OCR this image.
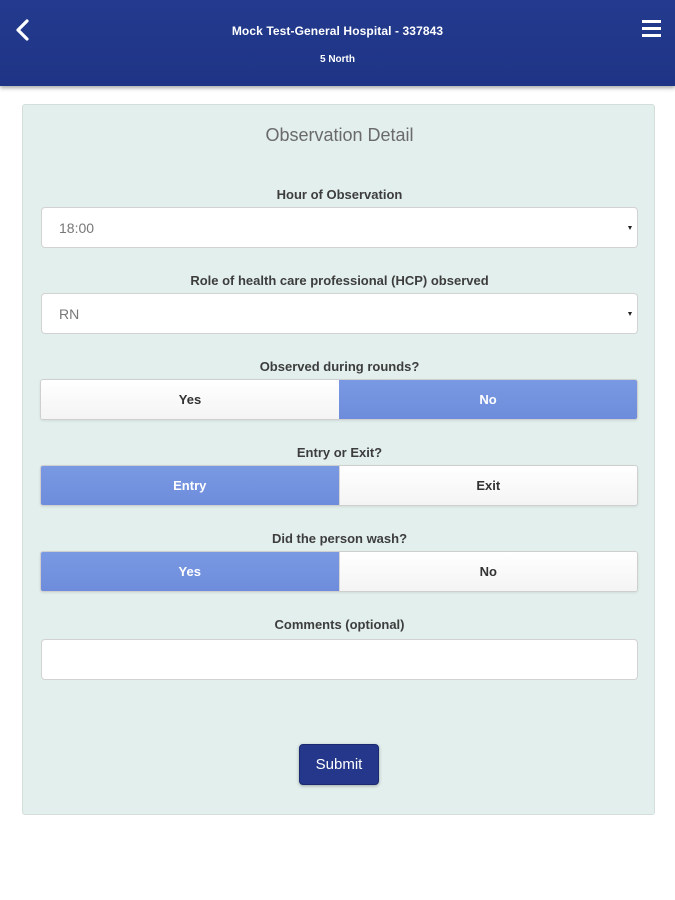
Mock Test-General Hospital - 337843
5 North
Observation Detail
Hour of Observation
18:00
Role of health care professional (HCP) observed
RN
Observed during rounds?
Yes	No
Entry or Exit?
Entry	Exit
Did the person wash?
Yes	No
Comments (optional)
Submit
